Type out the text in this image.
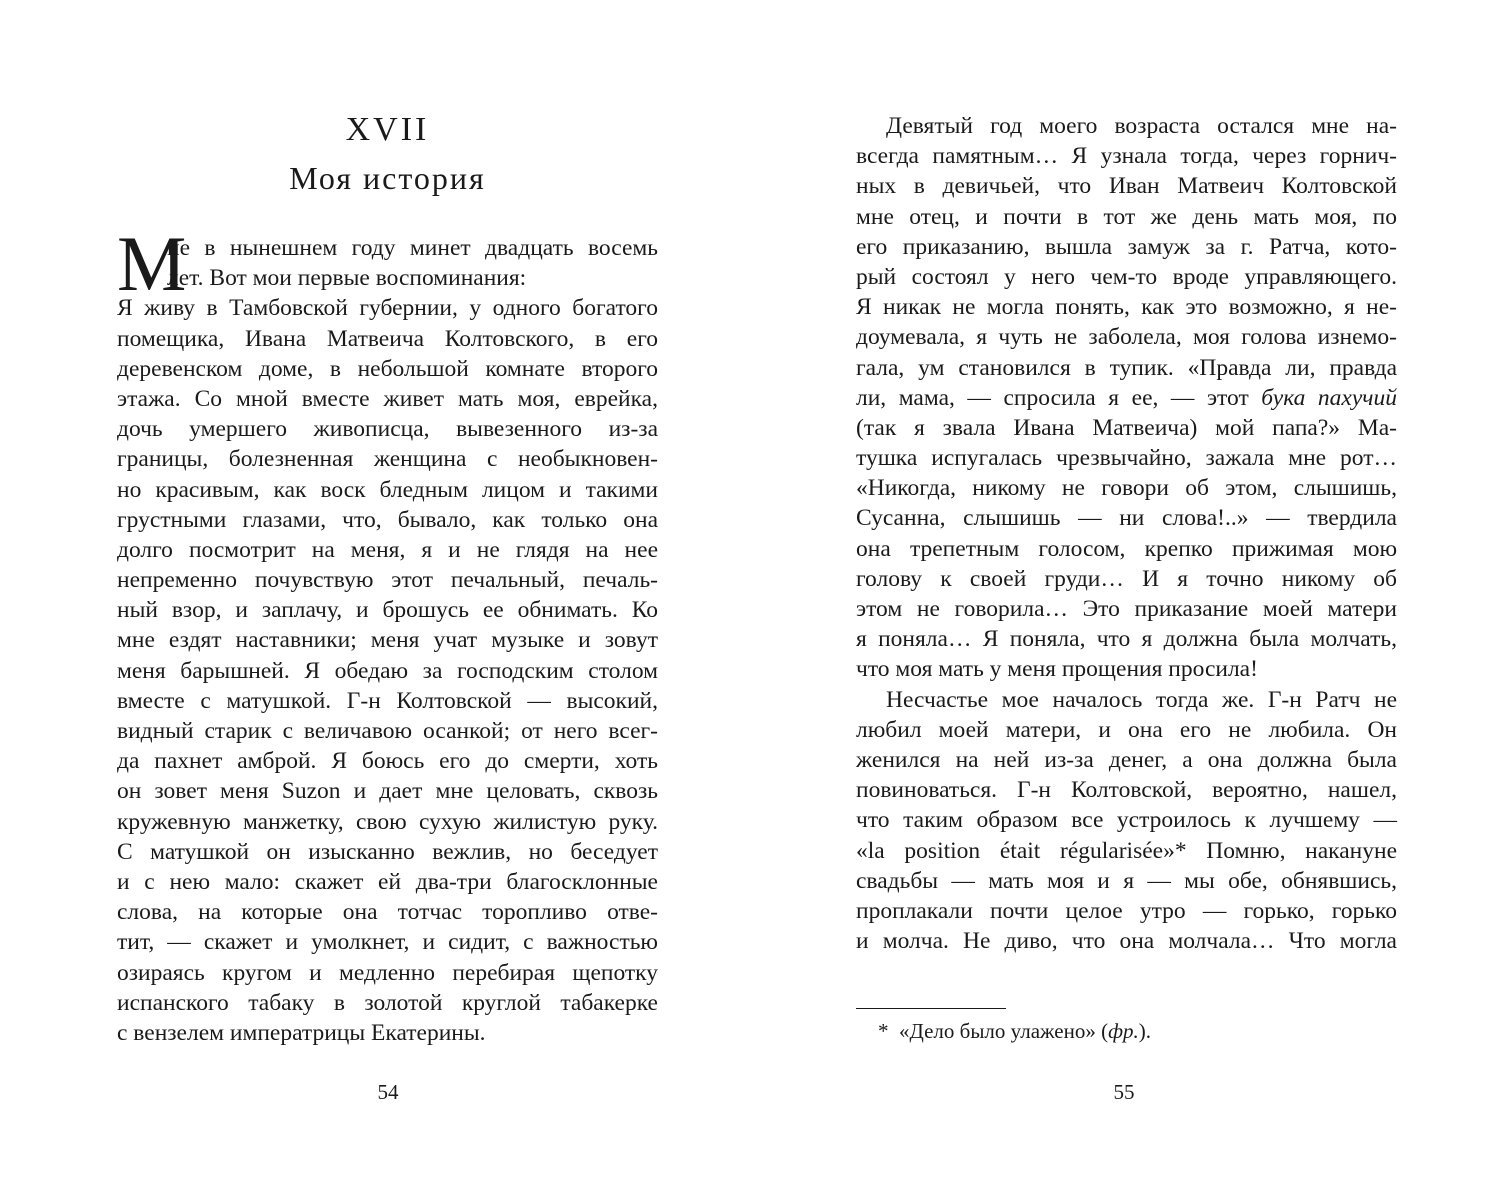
XVII
Моя история
54
М
не в нынешнем году минет двадцать восемь
лет. Вот мои первые воспоминания:
Я живу в Тамбовской губернии, у одного богатого
помещика, Ивана Матвеича Колтовского, в его
деревенском доме, в небольшой комнате второго
этажа. Со мной вместе живет мать моя, еврейка,
дочь умершего живописца, вывезенного из-за
границы, болезненная женщина с необыкновен-
но красивым, как воск бледным лицом и такими
грустными глазами, что, бывало, как только она
долго посмотрит на меня, я и не глядя на нее
непременно почувствую этот печальный, печаль-
ный взор, и заплачу, и брошусь ее обнимать. Ко
мне ездят наставники; меня учат музыке и зовут
меня барышней. Я обедаю за господским столом
вместе с матушкой. Г-н Колтовской — высокий,
видный старик с величавою осанкой; от него всег-
да пахнет амброй. Я боюсь его до смерти, хоть
он зовет меня Suzon и дает мне целовать, сквозь
кружевную манжетку, свою сухую жилистую руку.
С матушкой он изысканно вежлив, но беседует
и с нею мало: скажет ей два-три благосклонные
слова, на которые она тотчас торопливо отве-
тит, — скажет и умолкнет, и сидит, с важностью
озираясь кругом и медленно перебирая щепотку
испанского табаку в золотой круглой табакерке
с вензелем императрицы Екатерины.
55
Девятый год моего возраста остался мне на-
всегда памятным… Я узнала тогда, через горнич-
ных в девичьей, что Иван Матвеич Колтовской
мне отец, и почти в тот же день мать моя, по
его приказанию, вышла замуж за г. Ратча, кото-
рый состоял у него чем-то вроде управляющего.
Я никак не могла понять, как это возможно, я не-
доумевала, я чуть не заболела, моя голова изнемо-
гала, ум становился в тупик. «Правда ли, правда
ли, мама, — спросила я ее, — этот бука пахучий
(так я звала Ивана Матвеича) мой папа?» Ма-
тушка испугалась чрезвычайно, зажала мне рот…
«Никогда, никому не говори об этом, слышишь,
Сусанна, слышишь — ни слова!..» — твердила
она трепетным голосом, крепко прижимая мою
голову к своей груди… И я точно никому об
этом не говорила… Это приказание моей матери
я поняла… Я поняла, что я должна была молчать,
что моя мать у меня прощения просила!
Несчастье мое началось тогда же. Г-н Ратч не
любил моей матери, и она его не любила. Он
женился на ней из-за денег, а она должна была
повиноваться. Г-н Колтовской, вероятно, нашел,
что таким образом все устроилось к лучшему —
«la position était régularisée»* Помню, накануне
свадьбы — мать моя и я — мы обе, обнявшись,
проплакали почти целое утро — горько, горько
и молча. Не диво, что она молчала… Что могла
* «Дело было улажено» (фр.).
